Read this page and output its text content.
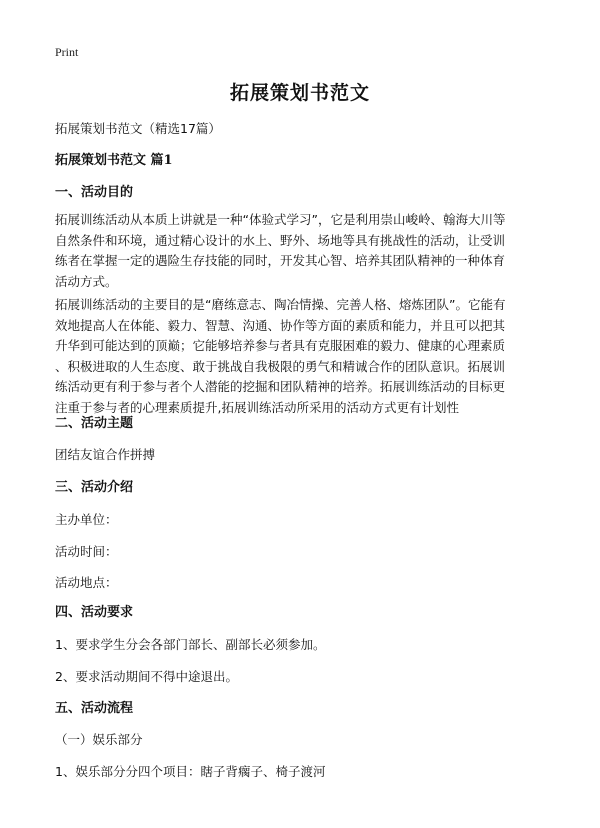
Print
拓展策划书范文
拓展策划书范文（精选17篇）
拓展策划书范文 篇1
一、活动目的
拓展训练活动从本质上讲就是一种“体验式学习”，它是利用崇山峻岭、翰海大川等
自然条件和环境，通过精心设计的水上、野外、场地等具有挑战性的活动，让受训
练者在掌握一定的遇险生存技能的同时，开发其心智、培养其团队精神的一种体育
活动方式。
拓展训练活动的主要目的是“磨练意志、陶冶情操、完善人格、熔炼团队”。它能有
效地提高人在体能、毅力、智慧、沟通、协作等方面的素质和能力，并且可以把其
升华到可能达到的顶巅；它能够培养参与者具有克服困难的毅力、健康的心理素质
、积极进取的人生态度、敢于挑战自我极限的勇气和精诚合作的团队意识。拓展训
练活动更有利于参与者个人潜能的挖掘和团队精神的培养。拓展训练活动的目标更
注重于参与者的心理素质提升,拓展训练活动所采用的活动方式更有计划性
二、活动主题
团结友谊合作拼搏
三、活动介绍
主办单位：
活动时间：
活动地点：
四、活动要求
1、要求学生分会各部门部长、副部长必须参加。
2、要求活动期间不得中途退出。
五、活动流程
（一）娱乐部分
1、娱乐部分分四个项目：瞎子背瘸子、椅子渡河
